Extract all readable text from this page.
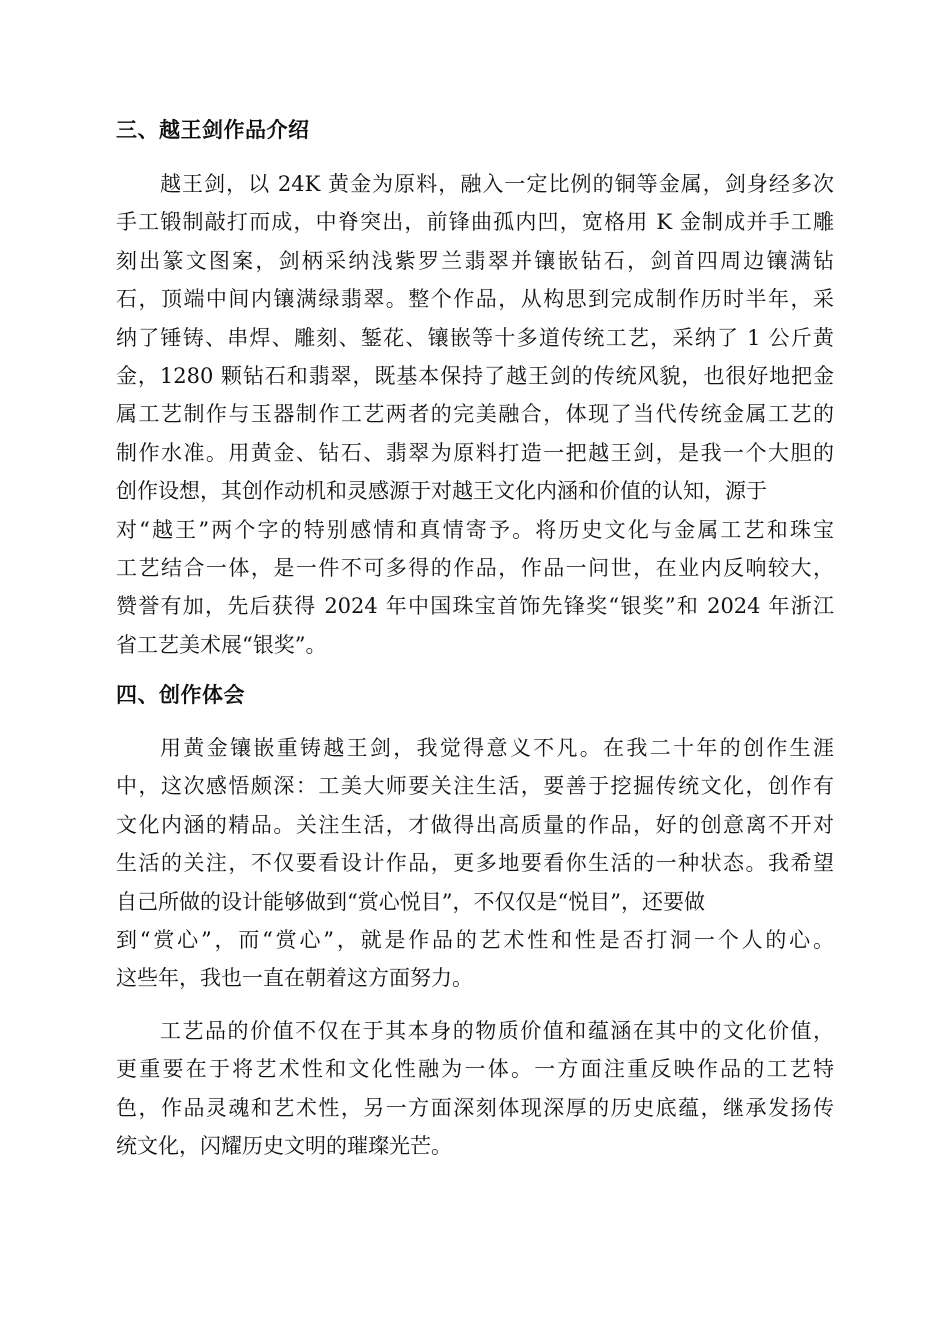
三、越王剑作品介绍
越王剑，以 24K 黄金为原料，融入一定比例的铜等金属，剑身经多次
手工锻制敲打而成，中脊突出，前锋曲孤内凹，宽格用 K 金制成并手工雕
刻出篆文图案，剑柄采纳浅紫罗兰翡翠并镶嵌钻石，剑首四周边镶满钻
石，顶端中间内镶满绿翡翠。整个作品，从构思到完成制作历时半年，采
纳了锤铸、串焊、雕刻、錾花、镶嵌等十多道传统工艺，采纳了 1 公斤黄
金，1280 颗钻石和翡翠，既基本保持了越王剑的传统风貌，也很好地把金
属工艺制作与玉器制作工艺两者的完美融合，体现了当代传统金属工艺的
制作水准。用黄金、钻石、翡翠为原料打造一把越王剑，是我一个大胆的
创作设想，其创作动机和灵感源于对越王文化内涵和价值的认知，源于
对“越王”两个字的特别感情和真情寄予。将历史文化与金属工艺和珠宝
工艺结合一体，是一件不可多得的作品，作品一问世，在业内反响较大，
赞誉有加，先后获得 2024 年中国珠宝首饰先锋奖“银奖”和 2024 年浙江
省工艺美术展“银奖”。
四、创作体会
用黄金镶嵌重铸越王剑，我觉得意义不凡。在我二十年的创作生涯
中，这次感悟颇深：工美大师要关注生活，要善于挖掘传统文化，创作有
文化内涵的精品。关注生活，才做得出高质量的作品，好的创意离不开对
生活的关注，不仅要看设计作品，更多地要看你生活的一种状态。我希望
自己所做的设计能够做到“赏心悦目”，不仅仅是“悦目”，还要做
到“赏心”，而“赏心”，就是作品的艺术性和性是否打洞一个人的心。
这些年，我也一直在朝着这方面努力。
工艺品的价值不仅在于其本身的物质价值和蕴涵在其中的文化价值，
更重要在于将艺术性和文化性融为一体。一方面注重反映作品的工艺特
色，作品灵魂和艺术性，另一方面深刻体现深厚的历史底蕴，继承发扬传
统文化，闪耀历史文明的璀璨光芒。
